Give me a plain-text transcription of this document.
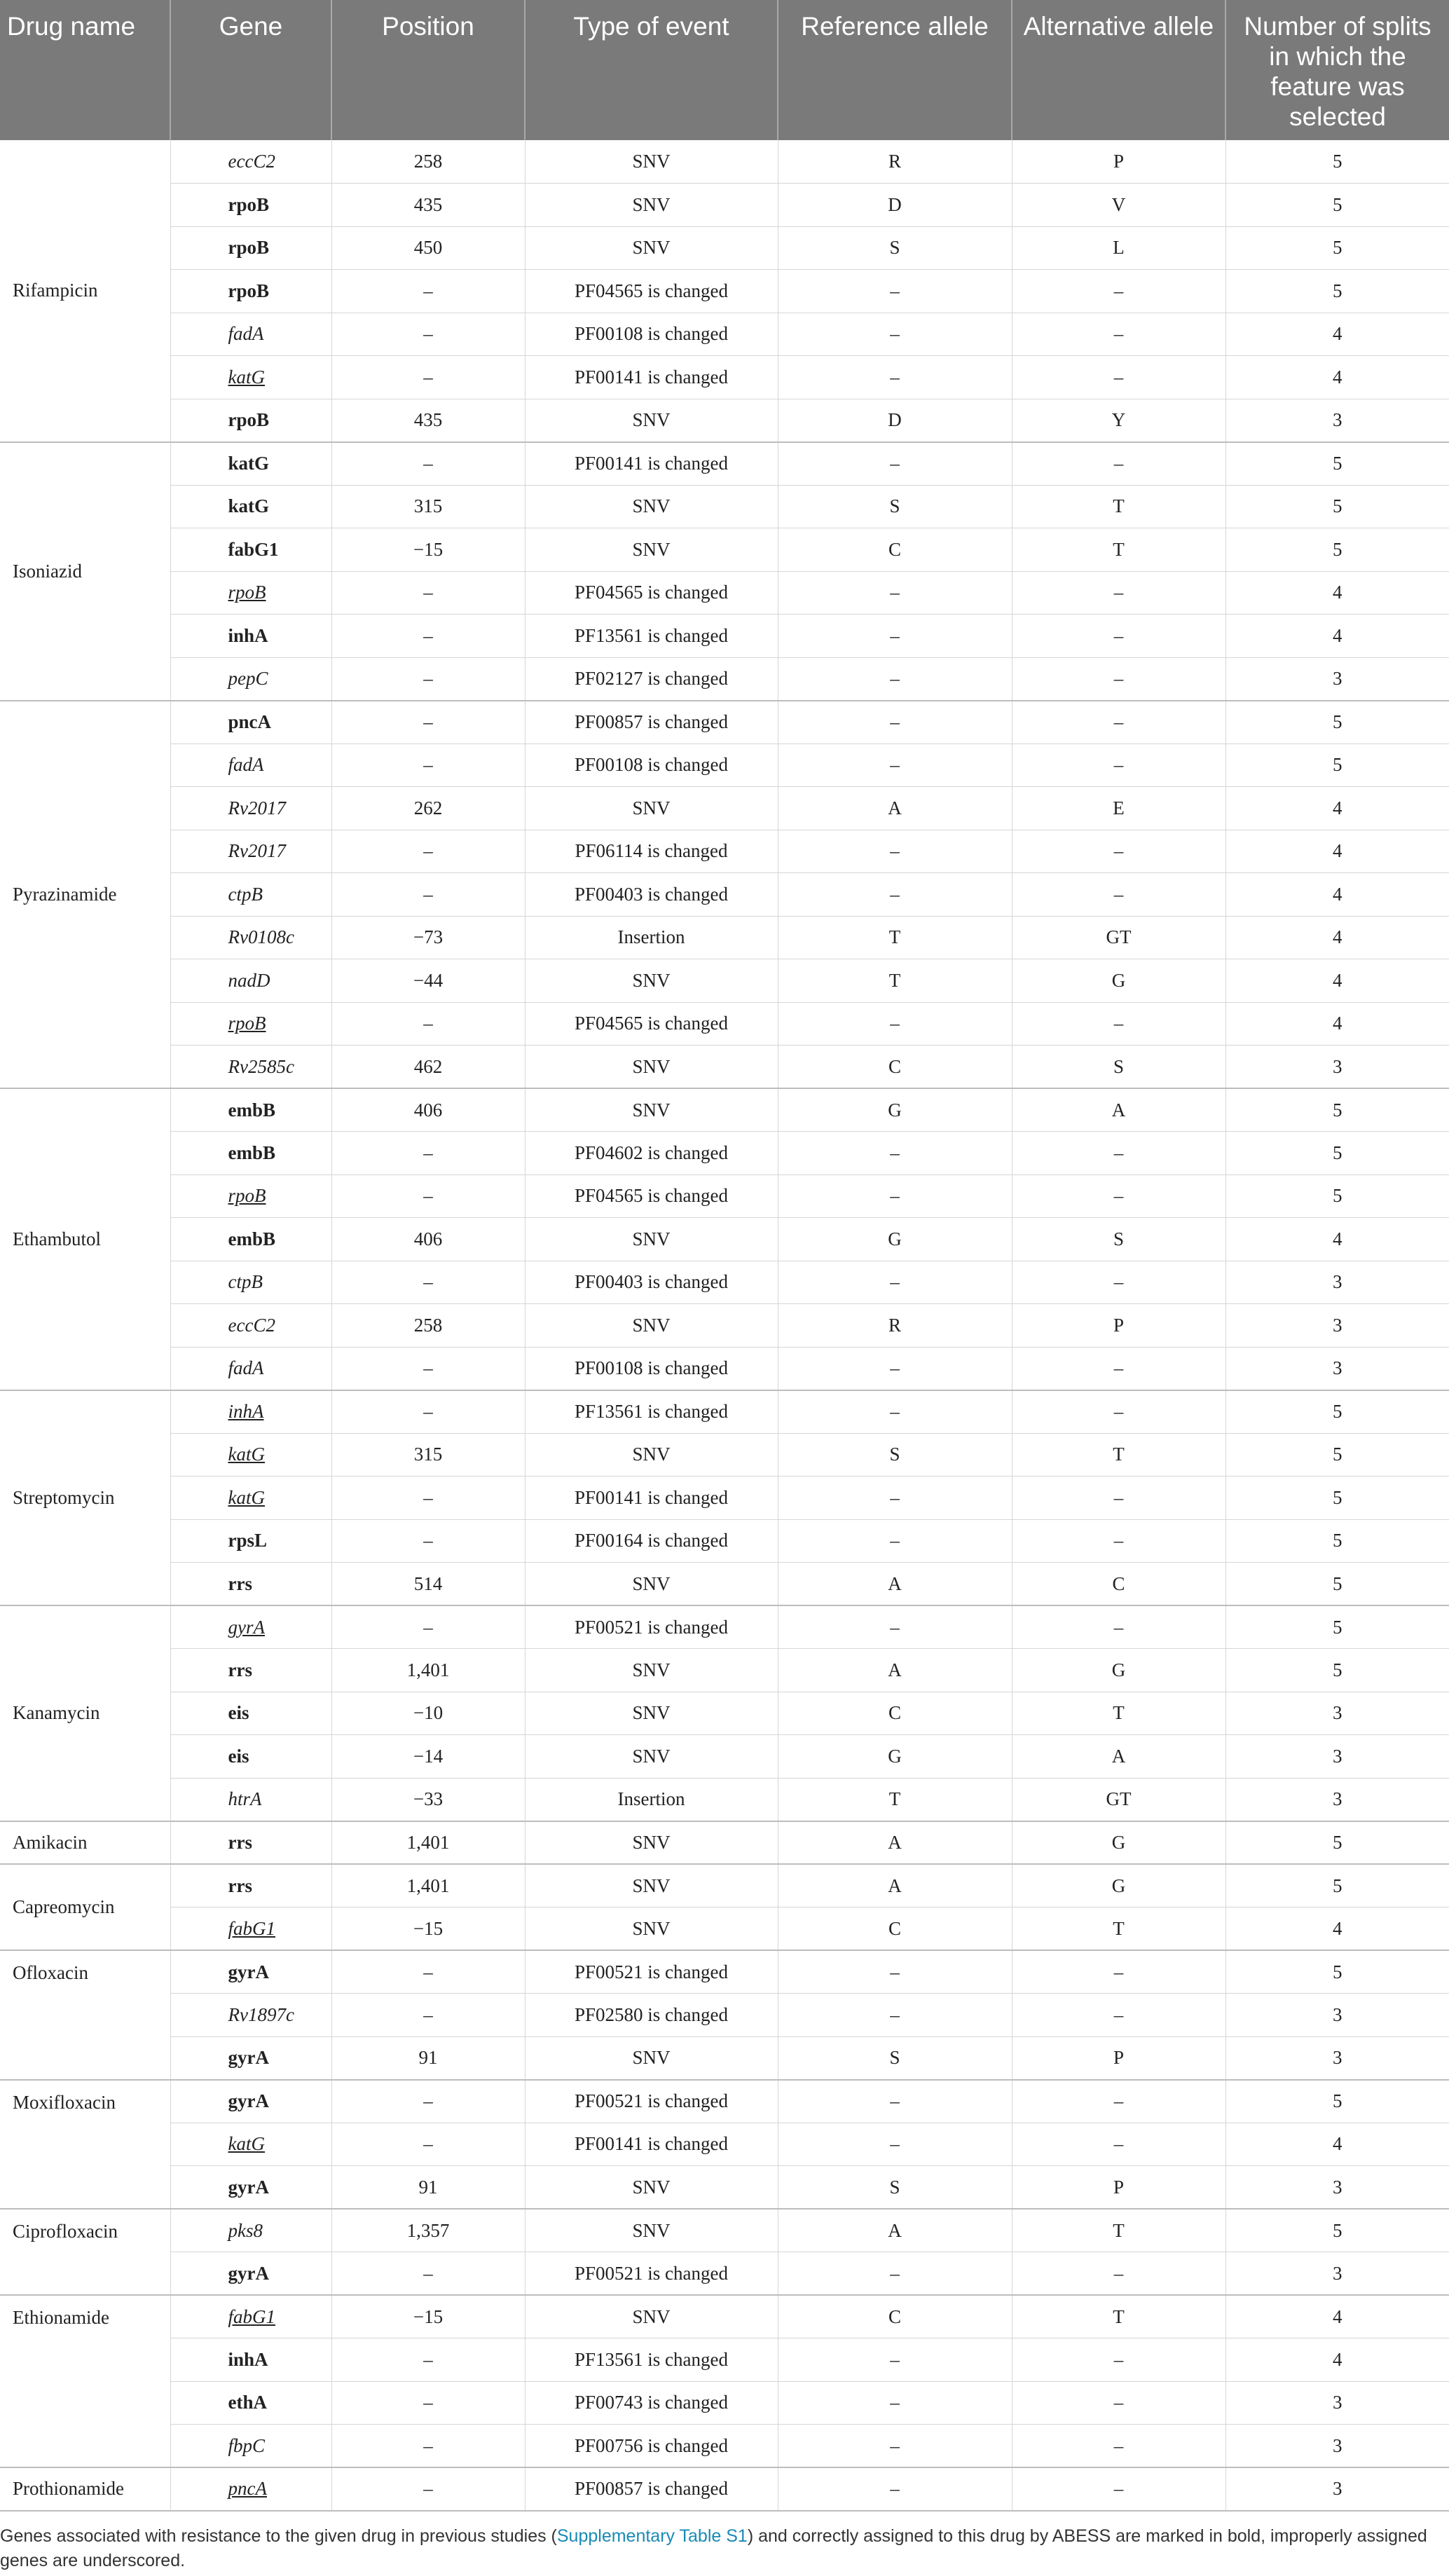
Drug name	Gene	Position	Type of event	Reference allele	Alternative allele	Number of splits in which the feature was selected
Rifampicin	eccC2	258	SNV	R	P	5
	rpoB	435	SNV	D	V	5
	rpoB	450	SNV	S	L	5
	rpoB	–	PF04565 is changed	–	–	5
	fadA	–	PF00108 is changed	–	–	4
	katG	–	PF00141 is changed	–	–	4
	rpoB	435	SNV	D	Y	3
Isoniazid	katG	–	PF00141 is changed	–	–	5
	katG	315	SNV	S	T	5
	fabG1	−15	SNV	C	T	5
	rpoB	–	PF04565 is changed	–	–	4
	inhA	–	PF13561 is changed	–	–	4
	pepC	–	PF02127 is changed	–	–	3
Pyrazinamide	pncA	–	PF00857 is changed	–	–	5
	fadA	–	PF00108 is changed	–	–	5
	Rv2017	262	SNV	A	E	4
	Rv2017	–	PF06114 is changed	–	–	4
	ctpB	–	PF00403 is changed	–	–	4
	Rv0108c	−73	Insertion	T	GT	4
	nadD	−44	SNV	T	G	4
	rpoB	–	PF04565 is changed	–	–	4
	Rv2585c	462	SNV	C	S	3
Ethambutol	embB	406	SNV	G	A	5
	embB	–	PF04602 is changed	–	–	5
	rpoB	–	PF04565 is changed	–	–	5
	embB	406	SNV	G	S	4
	ctpB	–	PF00403 is changed	–	–	3
	eccC2	258	SNV	R	P	3
	fadA	–	PF00108 is changed	–	–	3
Streptomycin	inhA	–	PF13561 is changed	–	–	5
	katG	315	SNV	S	T	5
	katG	–	PF00141 is changed	–	–	5
	rpsL	–	PF00164 is changed	–	–	5
	rrs	514	SNV	A	C	5
Kanamycin	gyrA	–	PF00521 is changed	–	–	5
	rrs	1,401	SNV	A	G	5
	eis	−10	SNV	C	T	3
	eis	−14	SNV	G	A	3
	htrA	−33	Insertion	T	GT	3
Amikacin	rrs	1,401	SNV	A	G	5
Capreomycin	rrs	1,401	SNV	A	G	5
	fabG1	−15	SNV	C	T	4
Ofloxacin	gyrA	–	PF00521 is changed	–	–	5
	Rv1897c	–	PF02580 is changed	–	–	3
	gyrA	91	SNV	S	P	3
Moxifloxacin	gyrA	–	PF00521 is changed	–	–	5
	katG	–	PF00141 is changed	–	–	4
	gyrA	91	SNV	S	P	3
Ciprofloxacin	pks8	1,357	SNV	A	T	5
	gyrA	–	PF00521 is changed	–	–	3
Ethionamide	fabG1	−15	SNV	C	T	4
	inhA	–	PF13561 is changed	–	–	4
	ethA	–	PF00743 is changed	–	–	3
	fbpC	–	PF00756 is changed	–	–	3
Prothionamide	pncA	–	PF00857 is changed	–	–	3
Genes associated with resistance to the given drug in previous studies (Supplementary Table S1) and correctly assigned to this drug by ABESS are marked in bold, improperly assigned genes are underscored.
